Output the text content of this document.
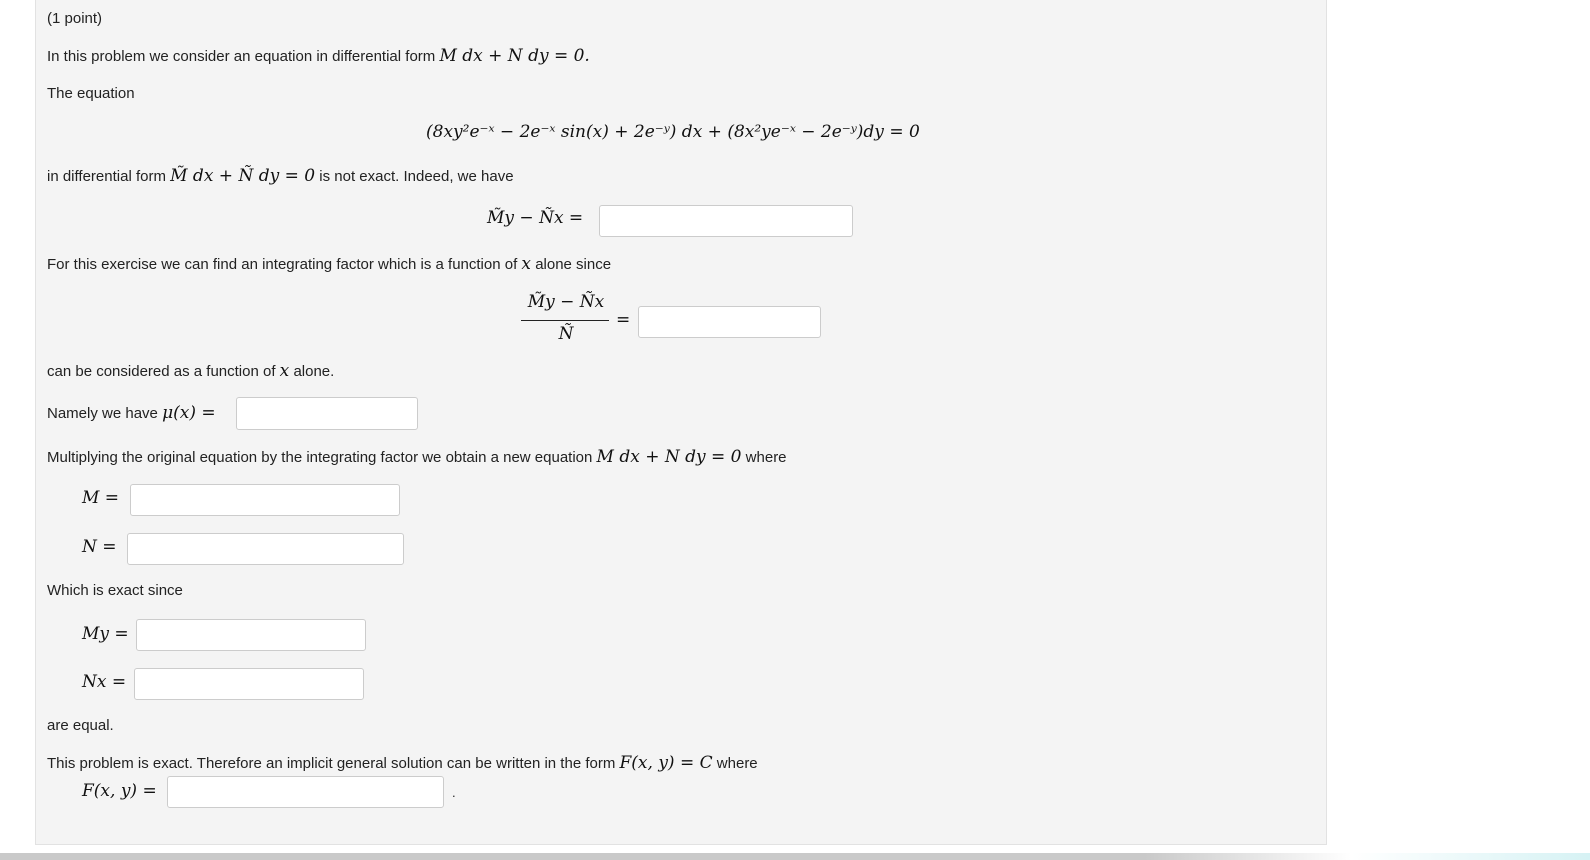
(1 point)
In this problem we consider an equation in differential form M dx + N dy = 0.
The equation
(8xy²e⁻ˣ − 2e⁻ˣ sin(x) + 2e⁻ʸ) dx + (8x²ye⁻ˣ − 2e⁻ʸ)dy = 0
in differential form M̃ dx + Ñ dy = 0 is not exact. Indeed, we have
M̃y − Ñx =
For this exercise we can find an integrating factor which is a function of x alone since
M̃y − Ñx
Ñ
=
can be considered as a function of x alone.
Namely we have μ(x) =
Multiplying the original equation by the integrating factor we obtain a new equation M dx + N dy = 0 where
M =
N =
Which is exact since
My =
Nx =
are equal.
This problem is exact. Therefore an implicit general solution can be written in the form F(x, y) = C where
F(x, y) =	.
